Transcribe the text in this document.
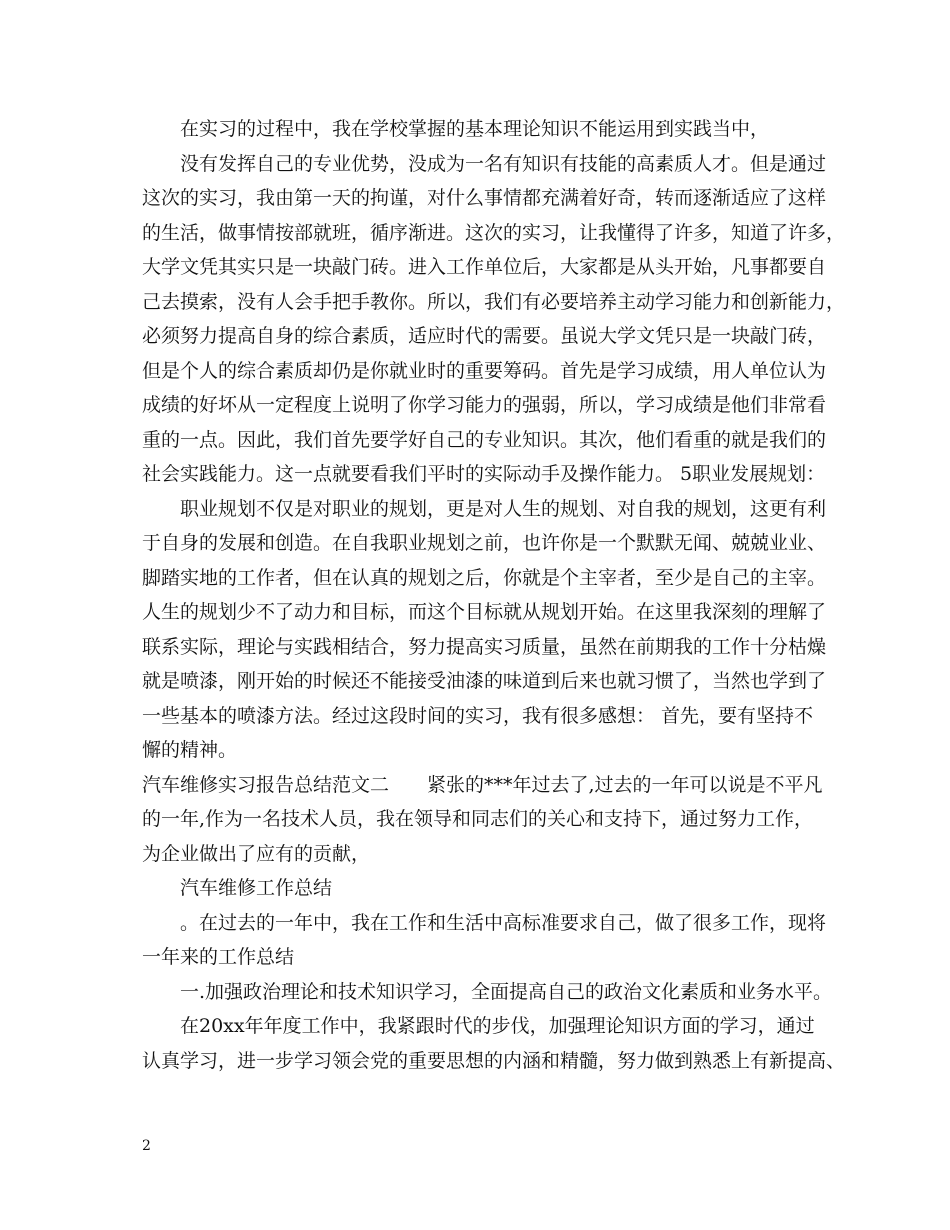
在实习的过程中，我在学校掌握的基本理论知识不能运用到实践当中，
没有发挥自己的专业优势，没成为一名有知识有技能的高素质人才。但是通过
这次的实习，我由第一天的拘谨，对什么事情都充满着好奇，转而逐渐适应了这样
的生活，做事情按部就班，循序渐进。这次的实习，让我懂得了许多，知道了许多，
大学文凭其实只是一块敲门砖。进入工作单位后，大家都是从头开始，凡事都要自
己去摸索，没有人会手把手教你。所以，我们有必要培养主动学习能力和创新能力，
必须努力提高自身的综合素质，适应时代的需要。虽说大学文凭只是一块敲门砖，
但是个人的综合素质却仍是你就业时的重要筹码。首先是学习成绩，用人单位认为
成绩的好坏从一定程度上说明了你学习能力的强弱，所以，学习成绩是他们非常看
重的一点。因此，我们首先要学好自己的专业知识。其次，他们看重的就是我们的
社会实践能力。这一点就要看我们平时的实际动手及操作能力。 5职业发展规划：
职业规划不仅是对职业的规划，更是对人生的规划、对自我的规划，这更有利
于自身的发展和创造。在自我职业规划之前，也许你是一个默默无闻、兢兢业业、
脚踏实地的工作者，但在认真的规划之后，你就是个主宰者，至少是自己的主宰。
人生的规划少不了动力和目标，而这个目标就从规划开始。在这里我深刻的理解了
联系实际，理论与实践相结合，努力提高实习质量，虽然在前期我的工作十分枯燥
就是喷漆，刚开始的时候还不能接受油漆的味道到后来也就习惯了，当然也学到了
一些基本的喷漆方法。经过这段时间的实习，我有很多感想： 首先，要有坚持不
懈的精神。
汽车维修实习报告总结范文二　　紧张的***年过去了,过去的一年可以说是不平凡
的一年,作为一名技术人员，我在领导和同志们的关心和支持下，通过努力工作，
为企业做出了应有的贡献，
汽车维修工作总结
。在过去的一年中，我在工作和生活中高标准要求自己，做了很多工作，现将
一年来的工作总结
一.加强政治理论和技术知识学习，全面提高自己的政治文化素质和业务水平。
在20xx年年度工作中，我紧跟时代的步伐，加强理论知识方面的学习，通过
认真学习，进一步学习领会党的重要思想的内涵和精髓，努力做到熟悉上有新提高、
2
